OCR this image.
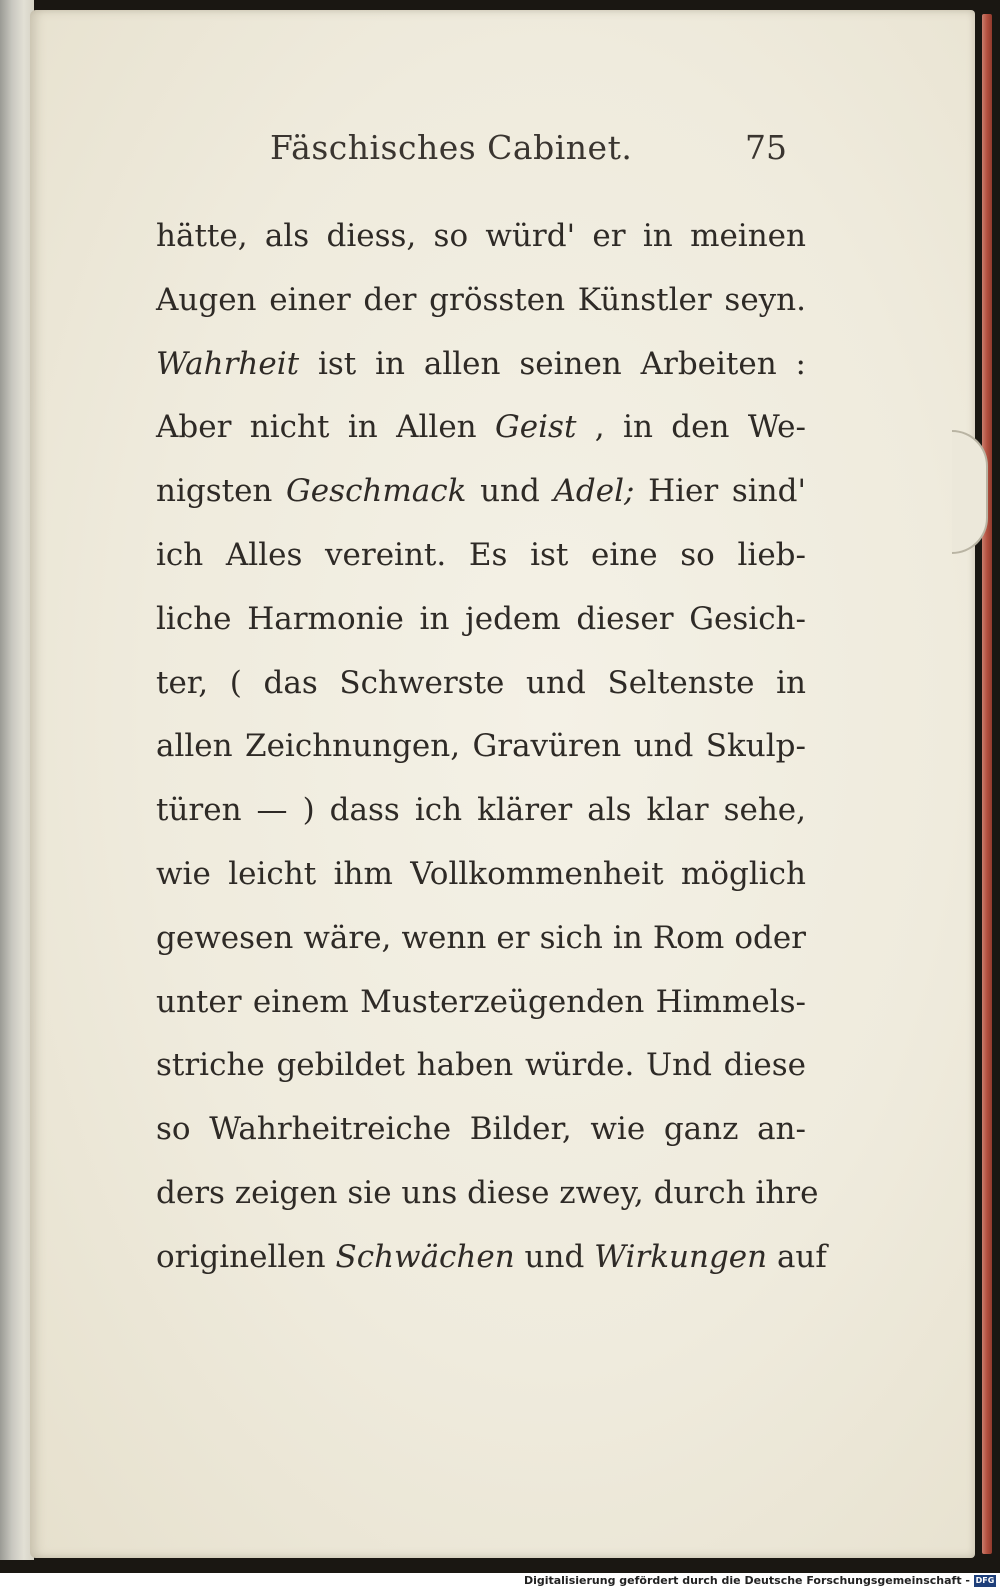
Fäschisches Cabinet.	75
hätte, als diess, so würd' er in meinen
Augen einer der grössten Künstler seyn.
Wahrheit ist in allen seinen Arbeiten :
Aber nicht in Allen Geist , in den We-
nigsten Geschmack und Adel; Hier sind'
ich Alles vereint. Es ist eine so lieb-
liche Harmonie in jedem dieser Gesich-
ter, ( das Schwerste und Seltenste in
allen Zeichnungen, Gravüren und Skulp-
türen — ) dass ich klärer als klar sehe,
wie leicht ihm Vollkommenheit möglich
gewesen wäre, wenn er sich in Rom oder
unter einem Musterzeügenden Himmels-
striche gebildet haben würde. Und diese
so Wahrheitreiche Bilder, wie ganz an-
ders zeigen sie uns diese zwey, durch ihre
originellen Schwächen und Wirkungen auf
Digitalisierung gefördert durch die Deutsche Forschungsgemeinschaft - DFG
